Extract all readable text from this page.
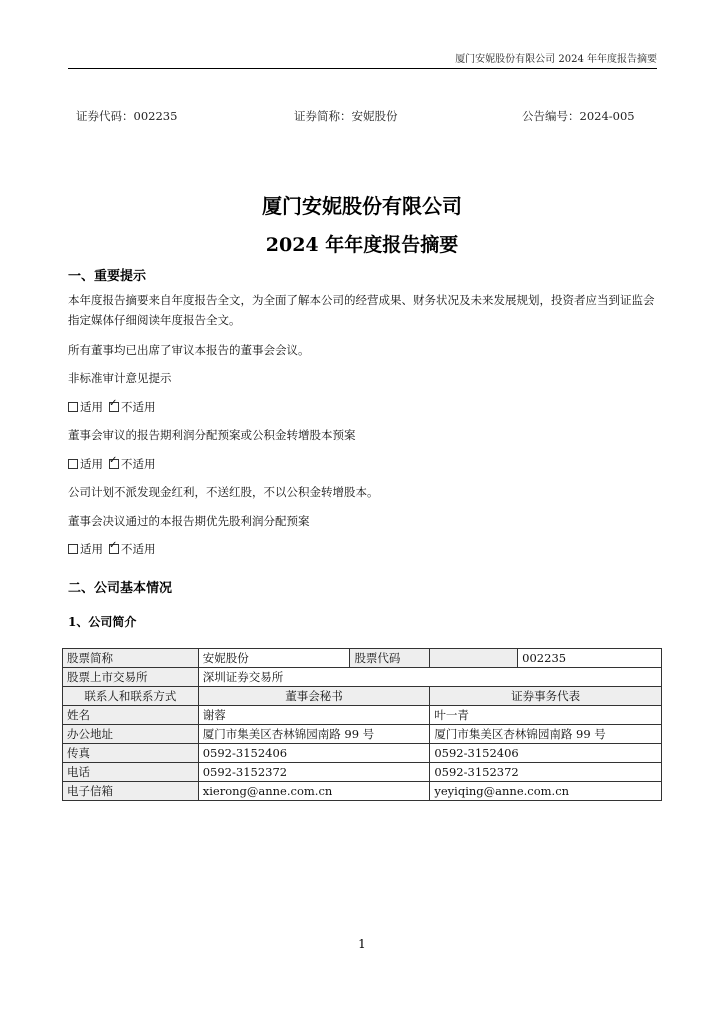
厦门安妮股份有限公司 2024 年年度报告摘要
证券代码：002235	证券简称：安妮股份	公告编号：2024-005
厦门安妮股份有限公司
2024 年年度报告摘要
一、重要提示
本年度报告摘要来自年度报告全文，为全面了解本公司的经营成果、财务状况及未来发展规划，投资者应当到证监会指定媒体仔细阅读年度报告全文。
所有董事均已出席了审议本报告的董事会会议。
非标准审计意见提示
适用 ✓ 不适用
董事会审议的报告期利润分配预案或公积金转增股本预案
适用 ✓ 不适用
公司计划不派发现金红利，不送红股，不以公积金转增股本。
董事会决议通过的本报告期优先股利润分配预案
适用 ✓ 不适用
二、公司基本情况
1、公司简介
股票简称	安妮股份	股票代码		002235
股票上市交易所	深圳证券交易所			
联系人和联系方式	董事会秘书		证券事务代表	
姓名	谢蓉		叶一青	
办公地址	厦门市集美区杏林锦园南路 99 号		厦门市集美区杏林锦园南路 99 号	
传真	0592-3152406		0592-3152406	
电话	0592-3152372		0592-3152372	
电子信箱	xierong@anne.com.cn		yeyiqing@anne.com.cn	
1
